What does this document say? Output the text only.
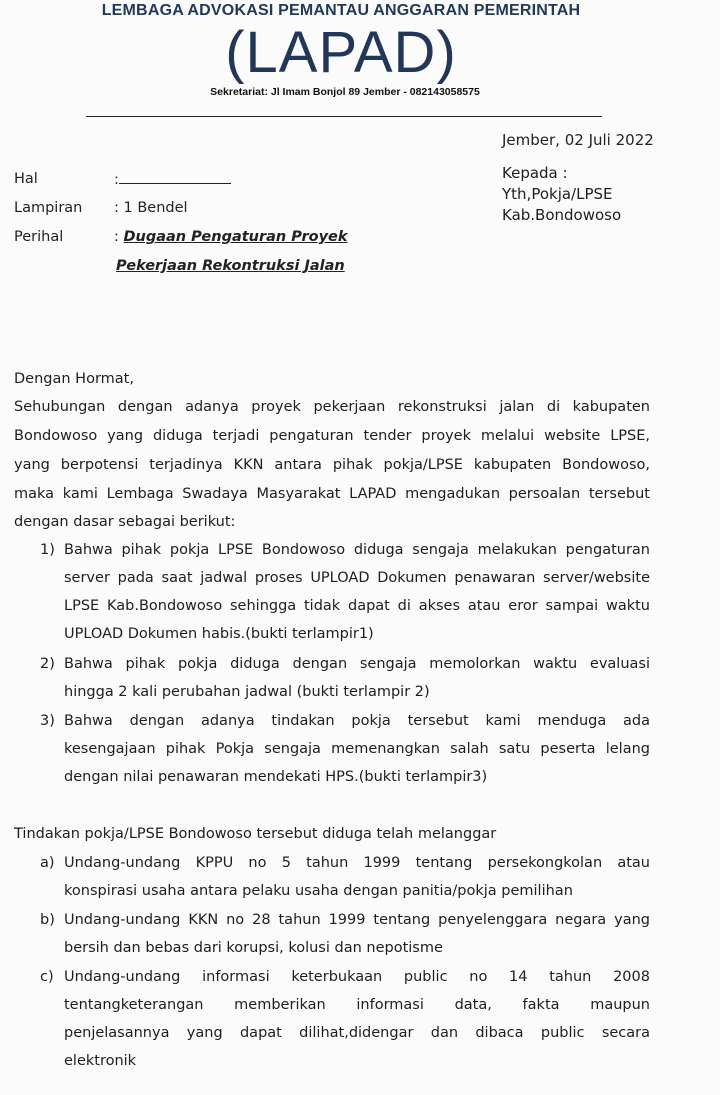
LEMBAGA ADVOKASI PEMANTAU ANGGARAN PEMERINTAH
(LAPAD)
Sekretariat: Jl Imam Bonjol 89 Jember - 082143058575
Jember, 02 Juli 2022
Hal	:
Lampiran : 1 Bendel
Perihal	: Dugaan Pengaturan Proyek
Pekerjaan Rekontruksi Jalan
Kepada :
Yth,Pokja/LPSE
Kab.Bondowoso
Dengan Hormat,
Sehubungan dengan adanya proyek pekerjaan rekonstruksi jalan di kabupaten
Bondowoso yang diduga terjadi pengaturan tender proyek melalui website LPSE,
yang berpotensi terjadinya KKN antara pihak pokja/LPSE kabupaten Bondowoso,
maka kami Lembaga Swadaya Masyarakat LAPAD mengadukan persoalan tersebut
dengan dasar sebagai berikut:
1) Bahwa pihak pokja LPSE Bondowoso diduga sengaja melakukan pengaturan
server pada saat jadwal proses UPLOAD Dokumen penawaran server/website
LPSE Kab.Bondowoso sehingga tidak dapat di akses atau eror sampai waktu
UPLOAD Dokumen habis.(bukti terlampir1)
2) Bahwa pihak pokja diduga dengan sengaja memolorkan waktu evaluasi
hingga 2 kali perubahan jadwal (bukti terlampir 2)
3) Bahwa dengan adanya tindakan pokja tersebut kami menduga ada
kesengajaan pihak Pokja sengaja memenangkan salah satu peserta lelang
dengan nilai penawaran mendekati HPS.(bukti terlampir3)
Tindakan pokja/LPSE Bondowoso tersebut diduga telah melanggar
a) Undang-undang KPPU no 5 tahun 1999 tentang persekongkolan atau
konspirasi usaha antara pelaku usaha dengan panitia/pokja pemilihan
b) Undang-undang KKN no 28 tahun 1999 tentang penyelenggara negara yang
bersih dan bebas dari korupsi, kolusi dan nepotisme
c) Undang-undang informasi keterbukaan public no 14 tahun 2008
tentangketerangan memberikan informasi data, fakta maupun
penjelasannya yang dapat dilihat,didengar dan dibaca public secara
elektronik
